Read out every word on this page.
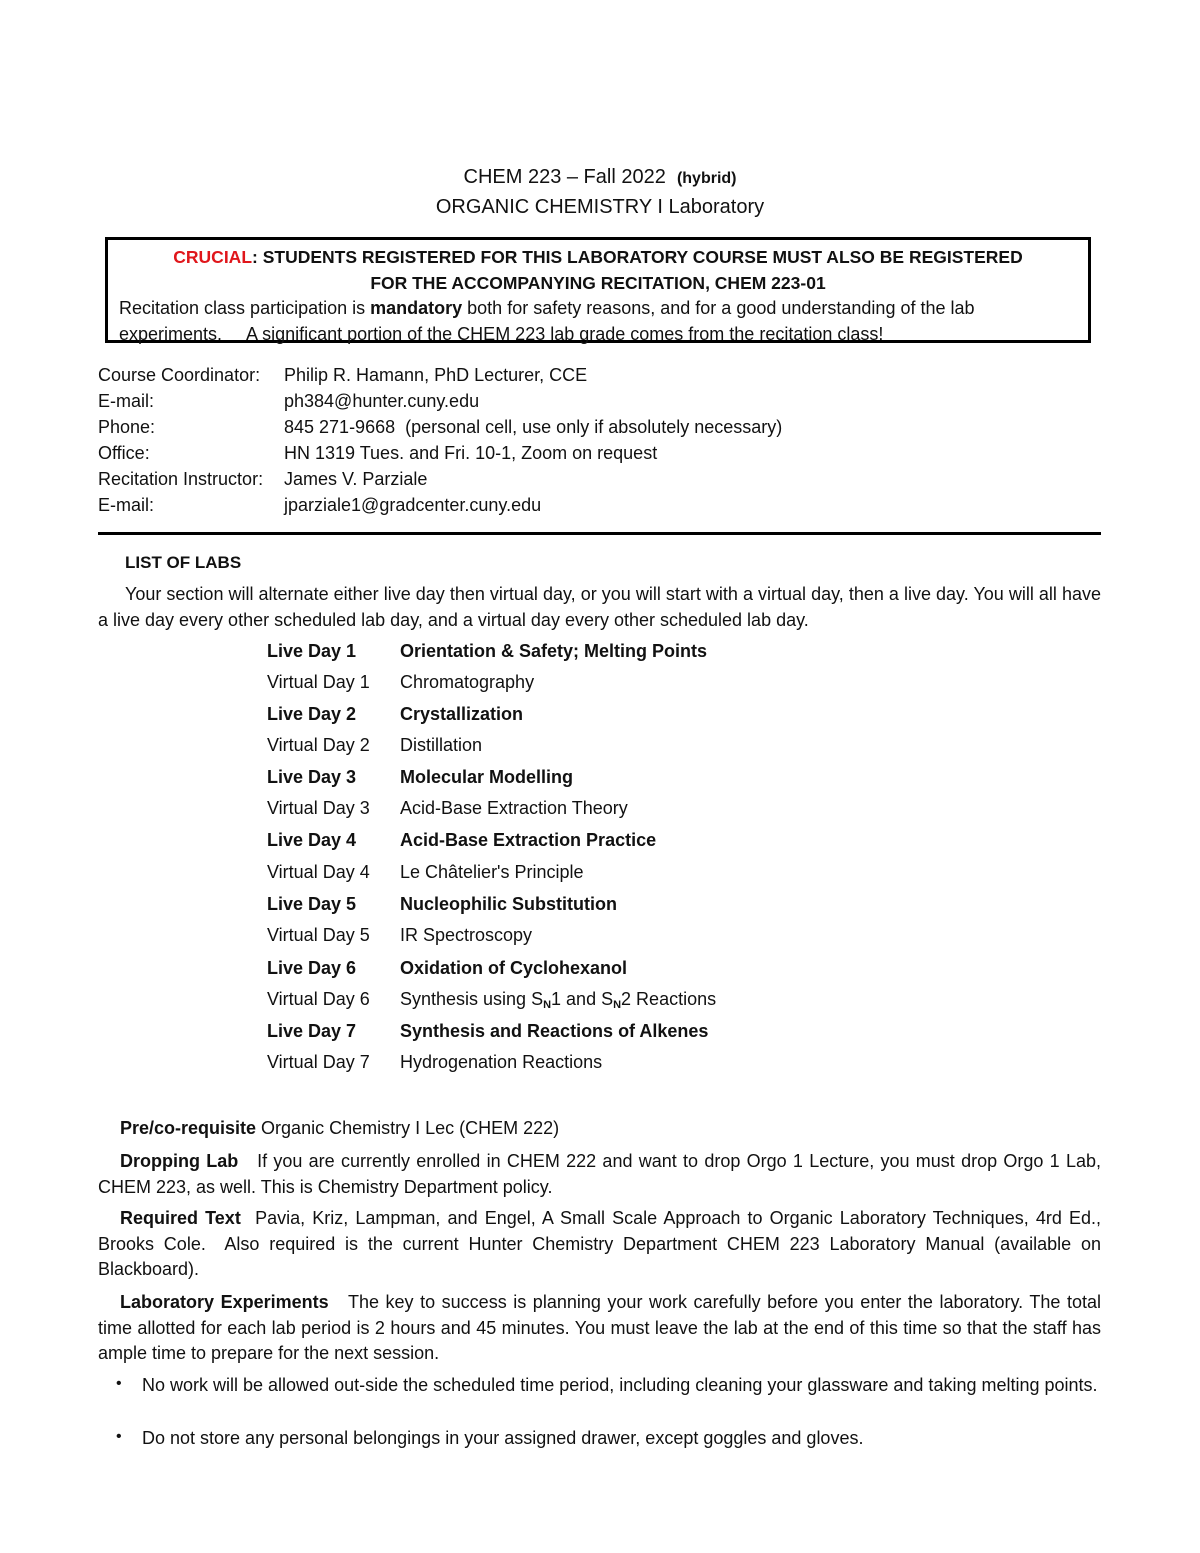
CHEM 223 – Fall 2022 (hybrid)
ORGANIC CHEMISTRY I Laboratory
CRUCIAL: STUDENTS REGISTERED FOR THIS LABORATORY COURSE MUST ALSO BE REGISTERED
FOR THE ACCOMPANYING RECITATION, CHEM 223-01
Recitation class participation is mandatory both for safety reasons, and for a good understanding of the lab
experiments.     A significant portion of the CHEM 223 lab grade comes from the recitation class!
Course Coordinator: Philip R. Hamann, PhD Lecturer, CCE
E-mail:	ph384@hunter.cuny.edu
Phone:	845 271-9668  (personal cell, use only if absolutely necessary)
Office:	HN 1319 Tues. and Fri. 10-1, Zoom on request
Recitation Instructor: James V. Parziale
E-mail:	jparziale1@gradcenter.cuny.edu
LIST OF LABS
Your section will alternate either live day then virtual day, or you will start with a virtual day, then a live day. You will all have a live day every other scheduled lab day, and a virtual day every other scheduled lab day.
Live Day 1 Orientation & Safety; Melting Points
Virtual Day 1 Chromatography
Live Day 2 Crystallization
Virtual Day 2 Distillation
Live Day 3 Molecular Modelling
Virtual Day 3 Acid-Base Extraction Theory
Live Day 4 Acid-Base Extraction Practice
Virtual Day 4 Le Châtelier's Principle
Live Day 5 Nucleophilic Substitution
Virtual Day 5 IR Spectroscopy
Live Day 6 Oxidation of Cyclohexanol
Virtual Day 6 Synthesis using $S_N1$ and $S_N2$ Reactions
Live Day 7 Synthesis and Reactions of Alkenes
Virtual Day 7 Hydrogenation Reactions
Pre/co-requisite Organic Chemistry I Lec (CHEM 222)
Dropping Lab   If you are currently enrolled in CHEM 222 and want to drop Orgo 1 Lecture, you must drop Orgo 1 Lab, CHEM 223, as well. This is Chemistry Department policy.
Required Text  Pavia, Kriz, Lampman, and Engel, A Small Scale Approach to Organic Laboratory Techniques, 4rd Ed., Brooks Cole.  Also required is the current Hunter Chemistry Department CHEM 223 Laboratory Manual (available on Blackboard).
Laboratory Experiments   The key to success is planning your work carefully before you enter the laboratory. The total time allotted for each lab period is 2 hours and 45 minutes. You must leave the lab at the end of this time so that the staff has ample time to prepare for the next session.
•	No work will be allowed out-side the scheduled time period, including cleaning your glassware and taking melting points.
•	Do not store any personal belongings in your assigned drawer, except goggles and gloves.
